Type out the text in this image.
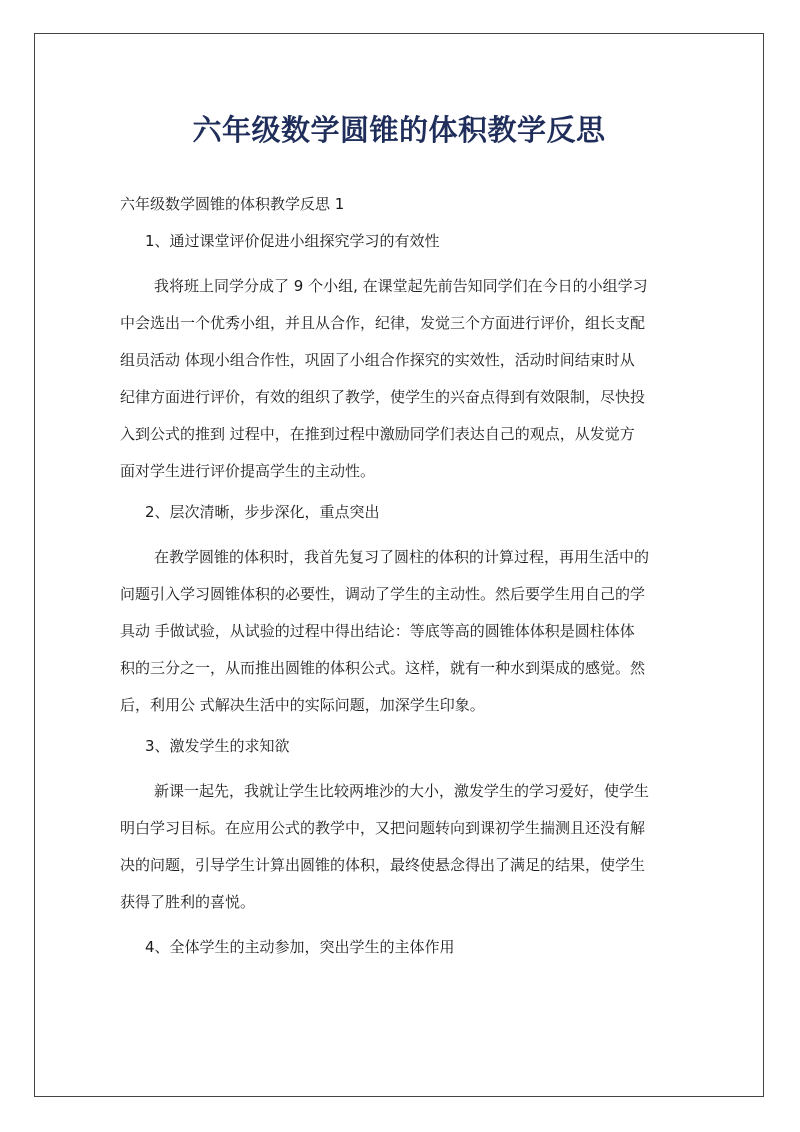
六年级数学圆锥的体积教学反思

六年级数学圆锥的体积教学反思 1

1、通过课堂评价促进小组探究学习的有效性

我将班上同学分成了 9 个小组, 在课堂起先前告知同学们在今日的小组学习
中会选出一个优秀小组，并且从合作，纪律，发觉三个方面进行评价，组长支配
组员活动 体现小组合作性，巩固了小组合作探究的实效性，活动时间结束时从
纪律方面进行评价，有效的组织了教学，使学生的兴奋点得到有效限制，尽快投
入到公式的推到 过程中，在推到过程中激励同学们表达自己的观点，从发觉方
面对学生进行评价提高学生的主动性。

2、层次清晰，步步深化，重点突出

在教学圆锥的体积时，我首先复习了圆柱的体积的计算过程，再用生活中的
问题引入学习圆锥体积的必要性，调动了学生的主动性。然后要学生用自己的学
具动 手做试验，从试验的过程中得出结论：等底等高的圆锥体体积是圆柱体体
积的三分之一，从而推出圆锥的体积公式。这样，就有一种水到渠成的感觉。然
后，利用公 式解决生活中的实际问题，加深学生印象。

3、激发学生的求知欲

新课一起先，我就让学生比较两堆沙的大小，激发学生的学习爱好，使学生
明白学习目标。在应用公式的教学中，又把问题转向到课初学生揣测且还没有解
决的问题，引导学生计算出圆锥的体积，最终使悬念得出了满足的结果，使学生
获得了胜利的喜悦。

4、全体学生的主动参加，突出学生的主体作用
